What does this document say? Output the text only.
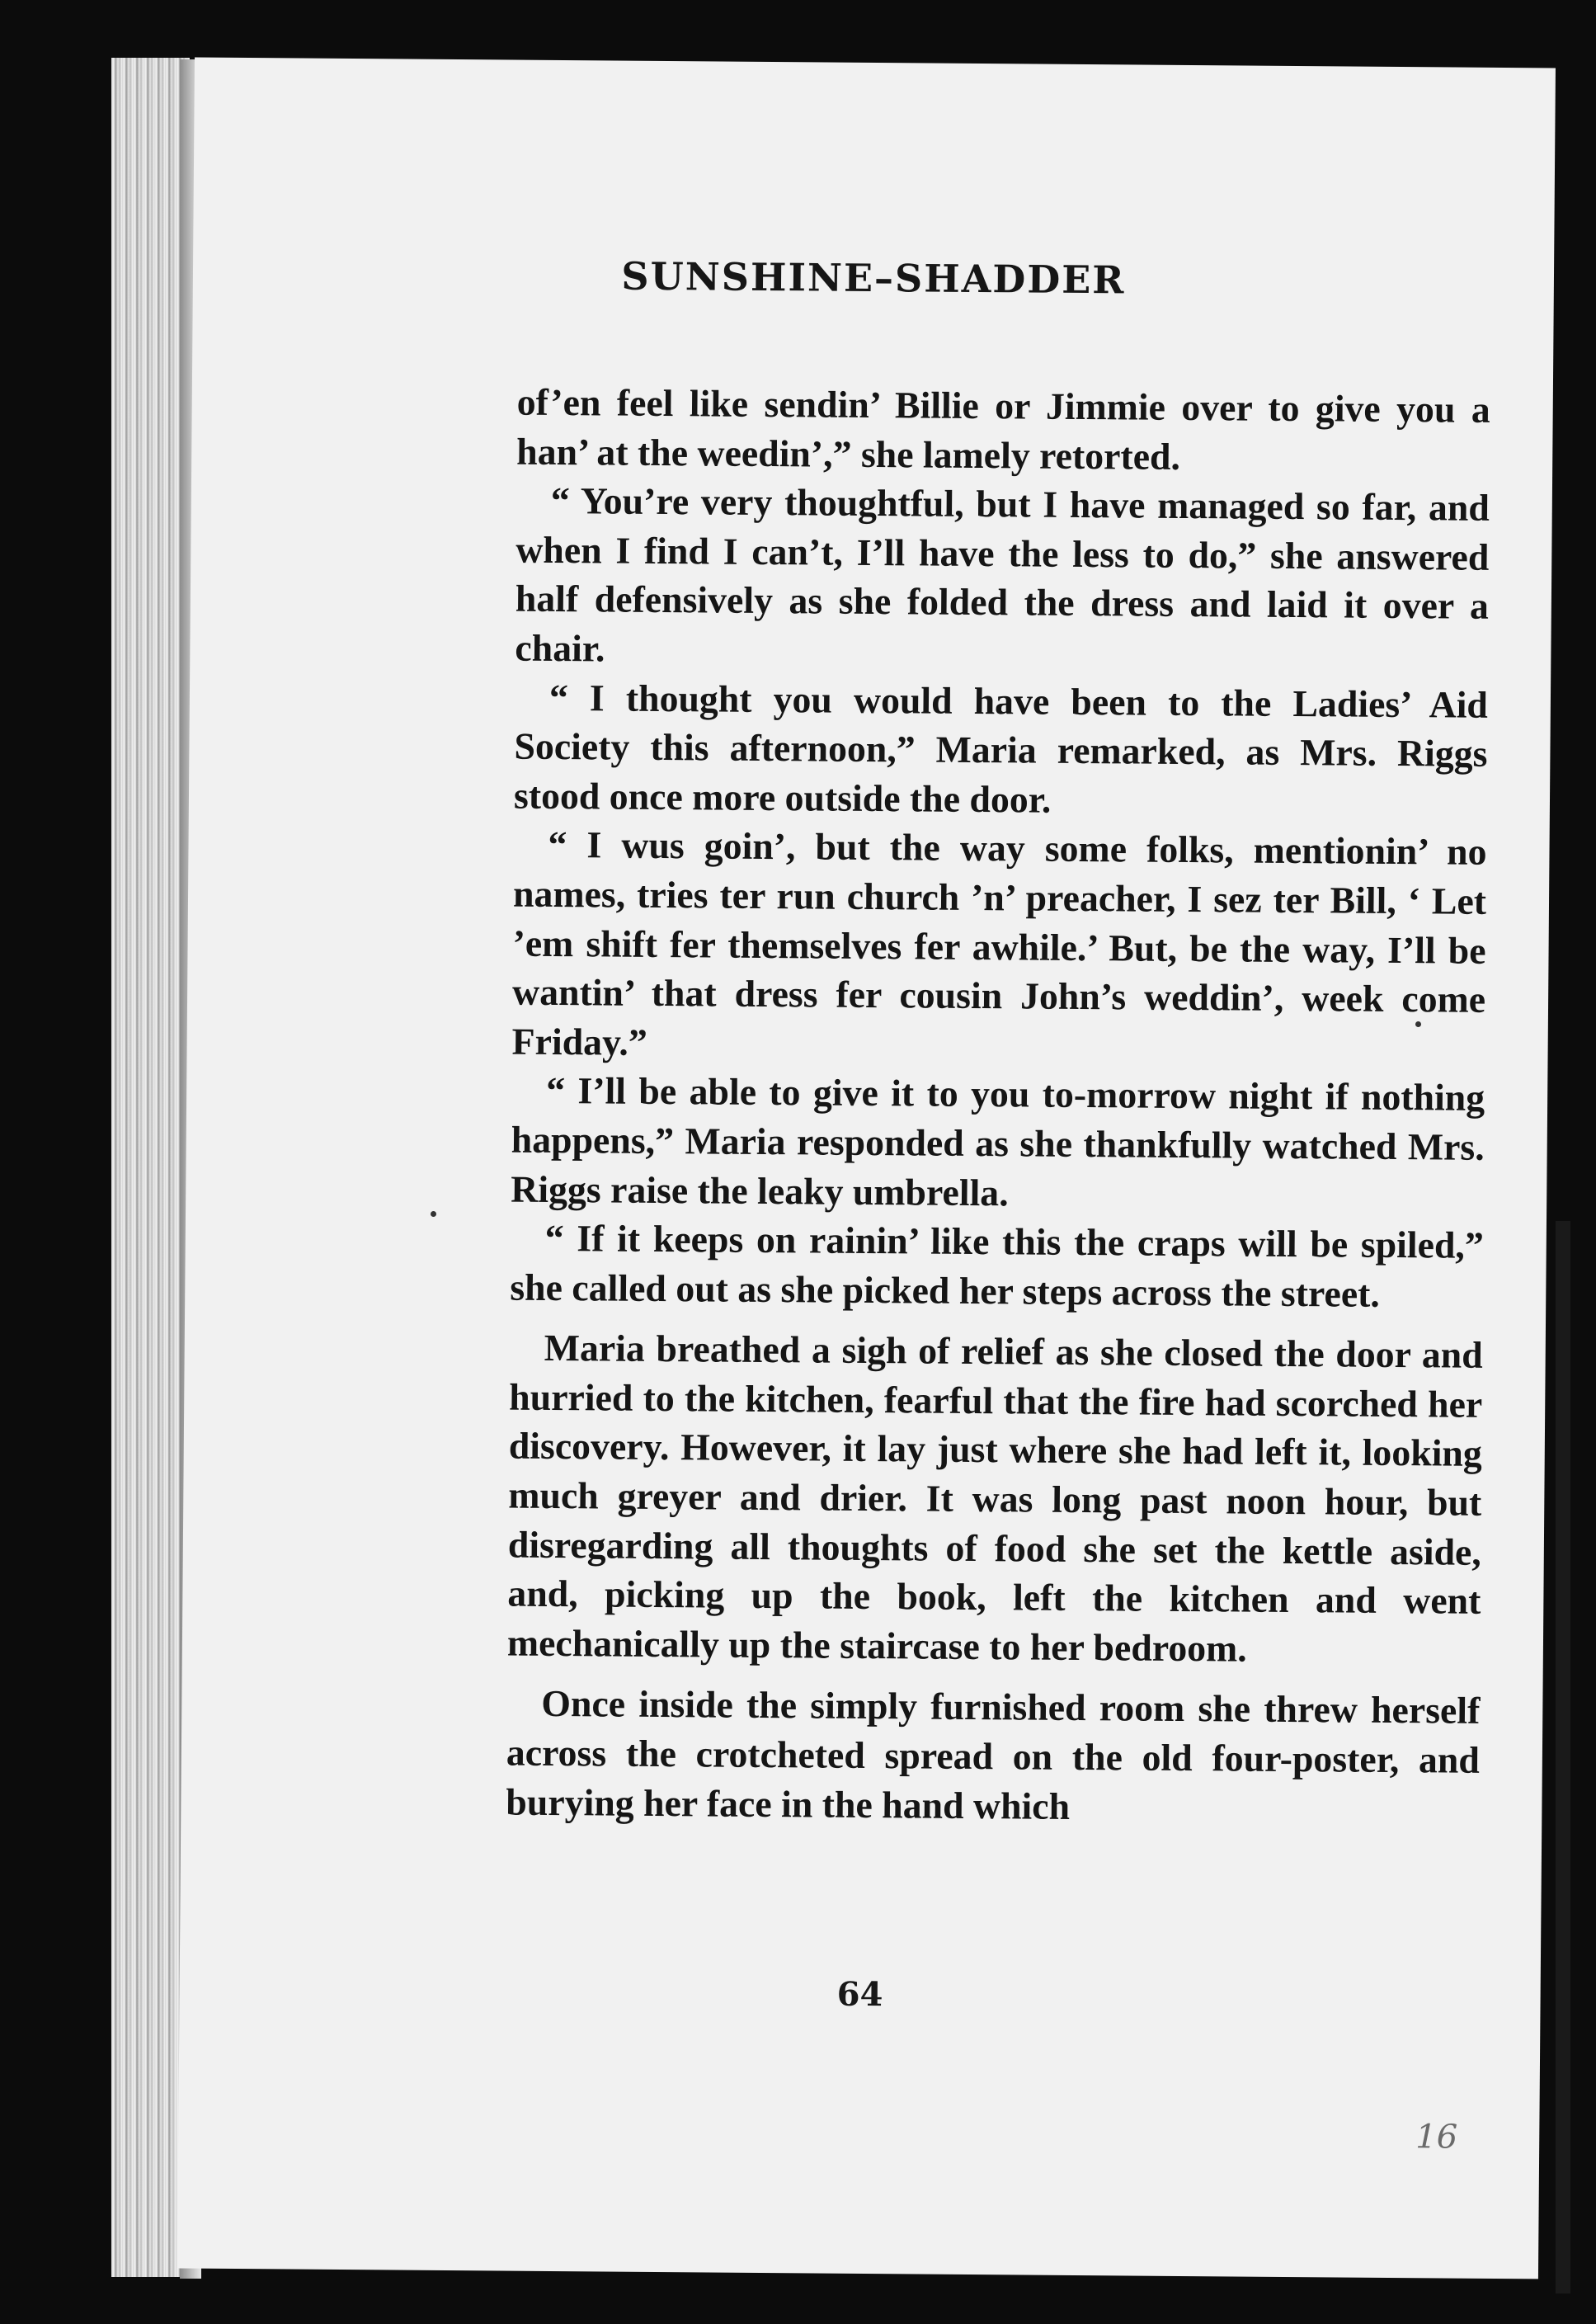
SUNSHINE–SHADDER

of’en feel like sendin’ Billie or Jimmie over to give you a han’ at the weedin’,” she lamely retorted.

“ You’re very thoughtful, but I have managed so far, and when I find I can’t, I’ll have the less to do,” she answered half defensively as she folded the dress and laid it over a chair.

“ I thought you would have been to the Ladies’ Aid Society this afternoon,” Maria remarked, as Mrs. Riggs stood once more outside the door.

“ I wus goin’, but the way some folks, mentionin’ no names, tries ter run church ’n’ preacher, I sez ter Bill, ‘ Let ’em shift fer themselves fer awhile.’ But, be the way, I’ll be wantin’ that dress fer cousin John’s weddin’, week come Friday.”

“ I’ll be able to give it to you to-morrow night if nothing happens,” Maria responded as she thankfully watched Mrs. Riggs raise the leaky umbrella.

“ If it keeps on rainin’ like this the craps will be spiled,” she called out as she picked her steps across the street.

Maria breathed a sigh of relief as she closed the door and hurried to the kitchen, fearful that the fire had scorched her discovery. However, it lay just where she had left it, looking much greyer and drier. It was long past noon hour, but disregarding all thoughts of food she set the kettle aside, and, picking up the book, left the kitchen and went mechanically up the staircase to her bedroom.

Once inside the simply furnished room she threw herself across the crotcheted spread on the old four-poster, and burying her face in the hand which

64
16
